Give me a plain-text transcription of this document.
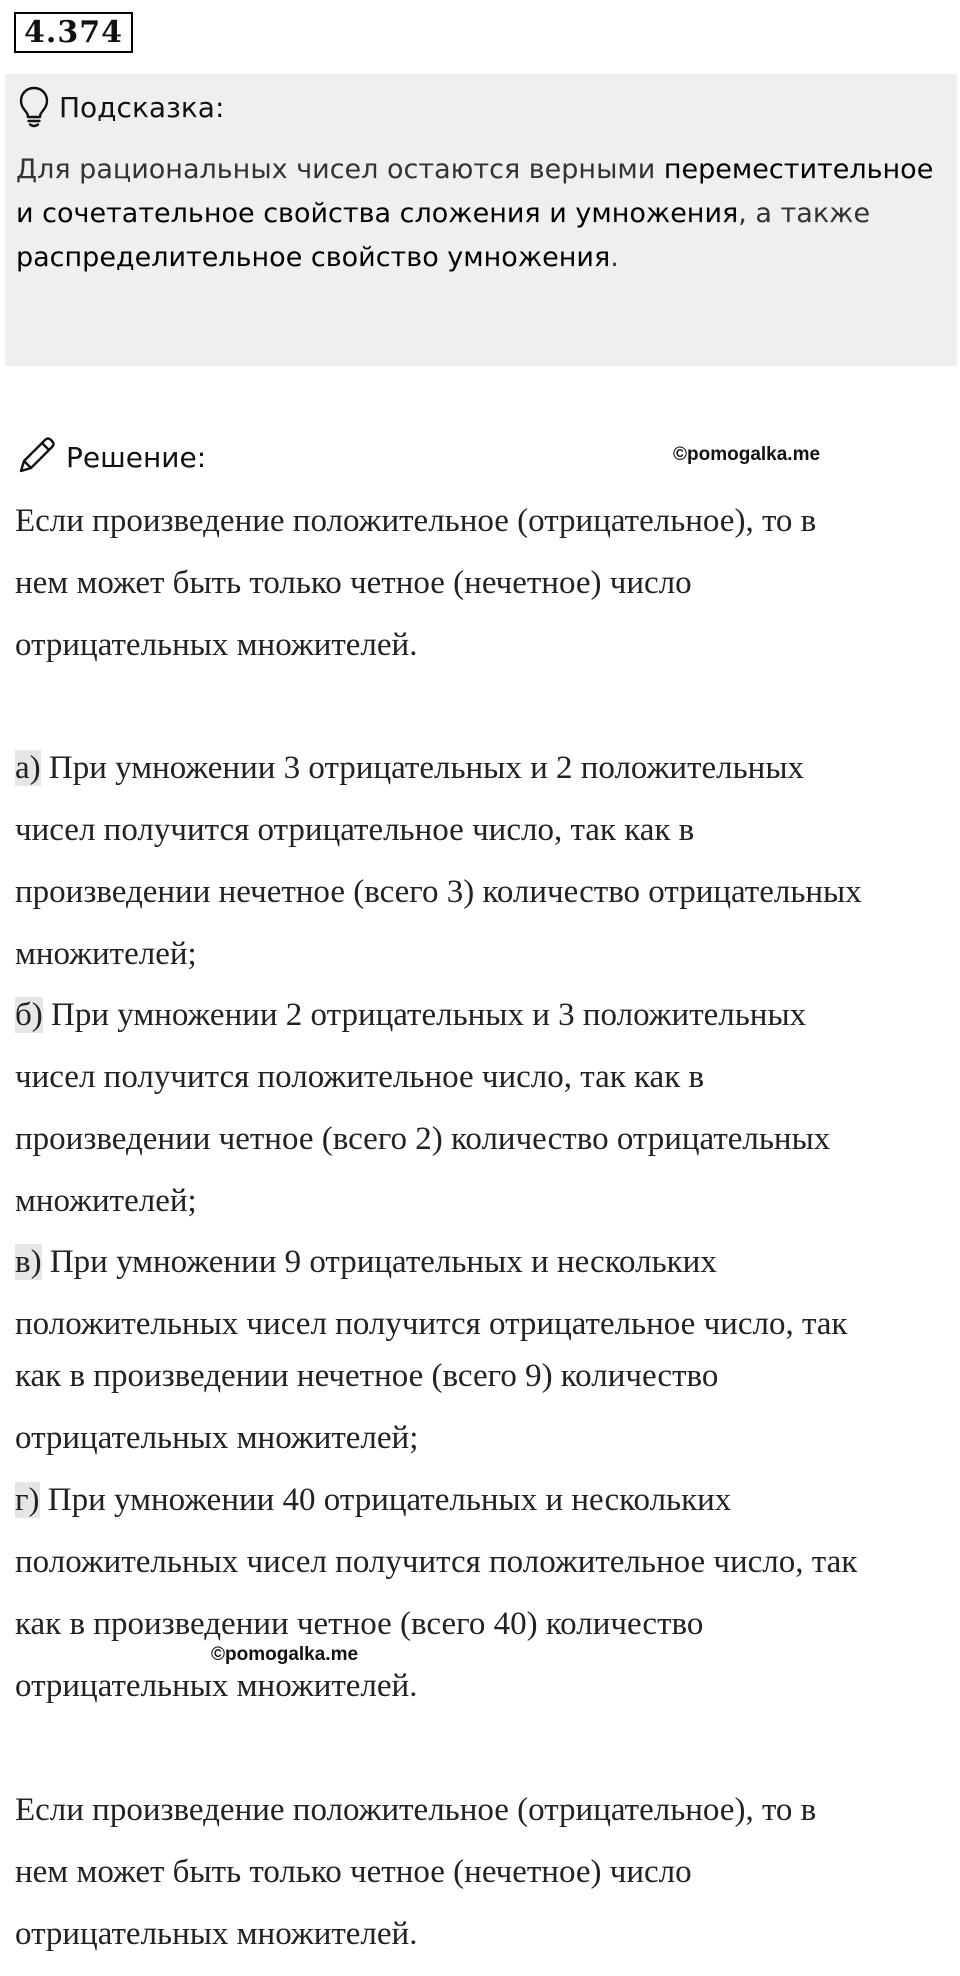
4.374
Подсказка:
Для рациональных чисел остаются верными переместительное и сочетательное свойства сложения и умножения, а также распределительное свойство умножения.
Решение:	©pomogalka.me
Если произведение положительное (отрицательное), то в
нем может быть только четное (нечетное) число
отрицательных множителей.
а) При умножении 3 отрицательных и 2 положительных
чисел получится отрицательное число, так как в
произведении нечетное (всего 3) количество отрицательных
множителей;
б) При умножении 2 отрицательных и 3 положительных
чисел получится положительное число, так как в
произведении четное (всего 2) количество отрицательных
множителей;
в) При умножении 9 отрицательных и нескольких
положительных чисел получится отрицательное число, так
как в произведении нечетное (всего 9) количество
отрицательных множителей;
г) При умножении 40 отрицательных и нескольких
положительных чисел получится положительное число, так
как в произведении четное (всего 40) количество
отрицательных множителей.
©pomogalka.me
Если произведение положительное (отрицательное), то в
нем может быть только четное (нечетное) число
отрицательных множителей.
